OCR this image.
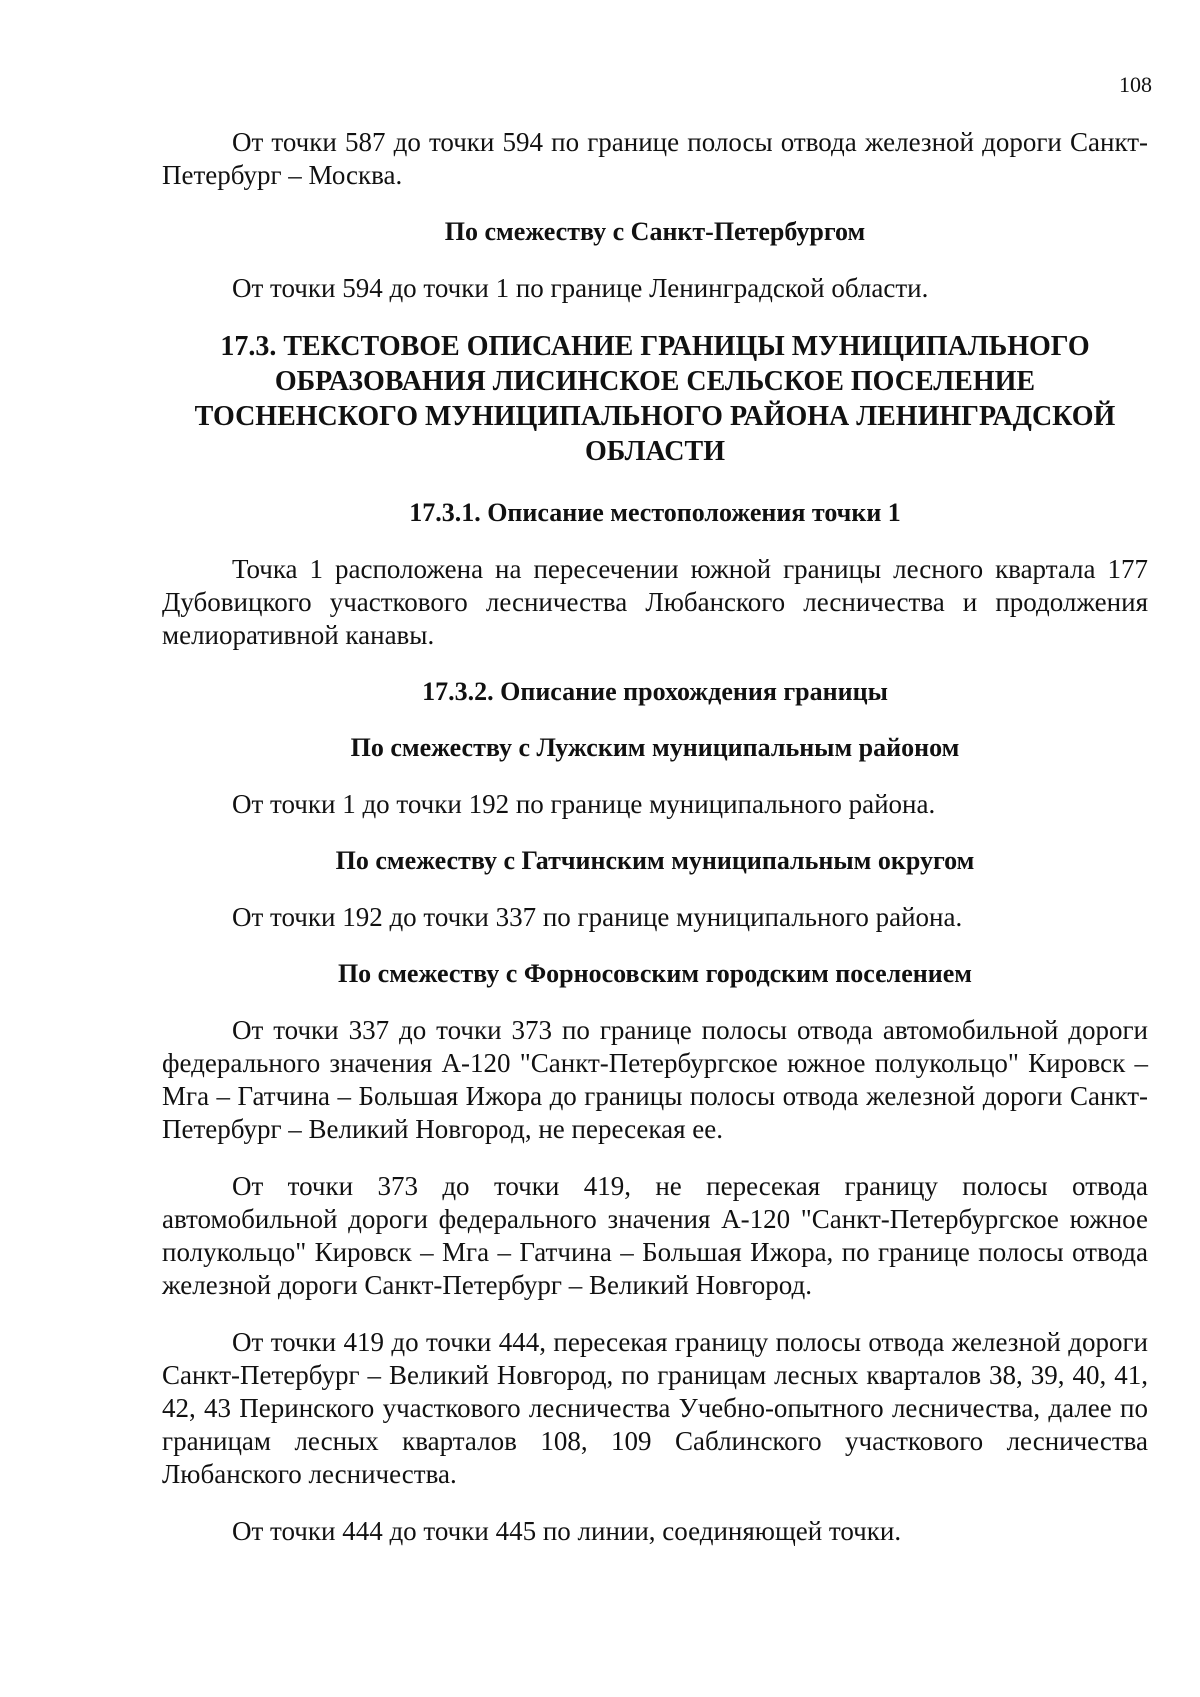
108

От точки 587 до точки 594 по границе полосы отвода железной дороги Санкт-Петербург – Москва.

По смежеству с Санкт-Петербургом

От точки 594 до точки 1 по границе Ленинградской области.

17.3. ТЕКСТОВОЕ ОПИСАНИЕ ГРАНИЦЫ МУНИЦИПАЛЬНОГО ОБРАЗОВАНИЯ ЛИСИНСКОЕ СЕЛЬСКОЕ ПОСЕЛЕНИЕ ТОСНЕНСКОГО МУНИЦИПАЛЬНОГО РАЙОНА ЛЕНИНГРАДСКОЙ ОБЛАСТИ

17.3.1. Описание местоположения точки 1

Точка 1 расположена на пересечении южной границы лесного квартала 177 Дубовицкого участкового лесничества Любанского лесничества и продолжения мелиоративной канавы.

17.3.2. Описание прохождения границы

По смежеству с Лужским муниципальным районом

От точки 1 до точки 192 по границе муниципального района.

По смежеству с Гатчинским муниципальным округом

От точки 192 до точки 337 по границе муниципального района.

По смежеству с Форносовским городским поселением

От точки 337 до точки 373 по границе полосы отвода автомобильной дороги федерального значения А-120 "Санкт-Петербургское южное полукольцо" Кировск – Мга – Гатчина – Большая Ижора до границы полосы отвода железной дороги Санкт-Петербург – Великий Новгород, не пересекая ее.

От точки 373 до точки 419, не пересекая границу полосы отвода автомобильной дороги федерального значения А-120 "Санкт-Петербургское южное полукольцо" Кировск – Мга – Гатчина – Большая Ижора, по границе полосы отвода железной дороги Санкт-Петербург – Великий Новгород.

От точки 419 до точки 444, пересекая границу полосы отвода железной дороги Санкт-Петербург – Великий Новгород, по границам лесных кварталов 38, 39, 40, 41, 42, 43 Перинского участкового лесничества Учебно-опытного лесничества, далее по границам лесных кварталов 108, 109 Саблинского участкового лесничества Любанского лесничества.

От точки 444 до точки 445 по линии, соединяющей точки.
